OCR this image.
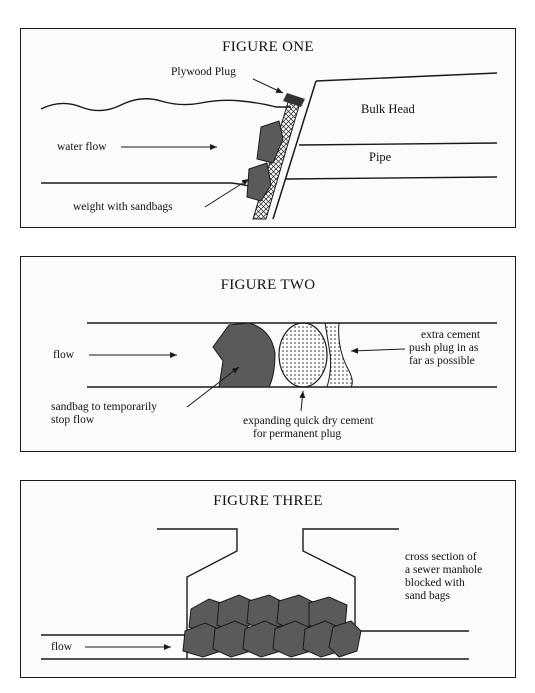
FIGURE ONE
Plywood Plug
Bulk Head
Pipe
water flow
weight with sandbags
FIGURE TWO
flow
extra cement
push plug in as
far as possible
sandbag to temporarily
stop flow	expanding quick dry cement
for permanent plug
FIGURE THREE
flow
cross section of
a sewer manhole
blocked with
sand bags
